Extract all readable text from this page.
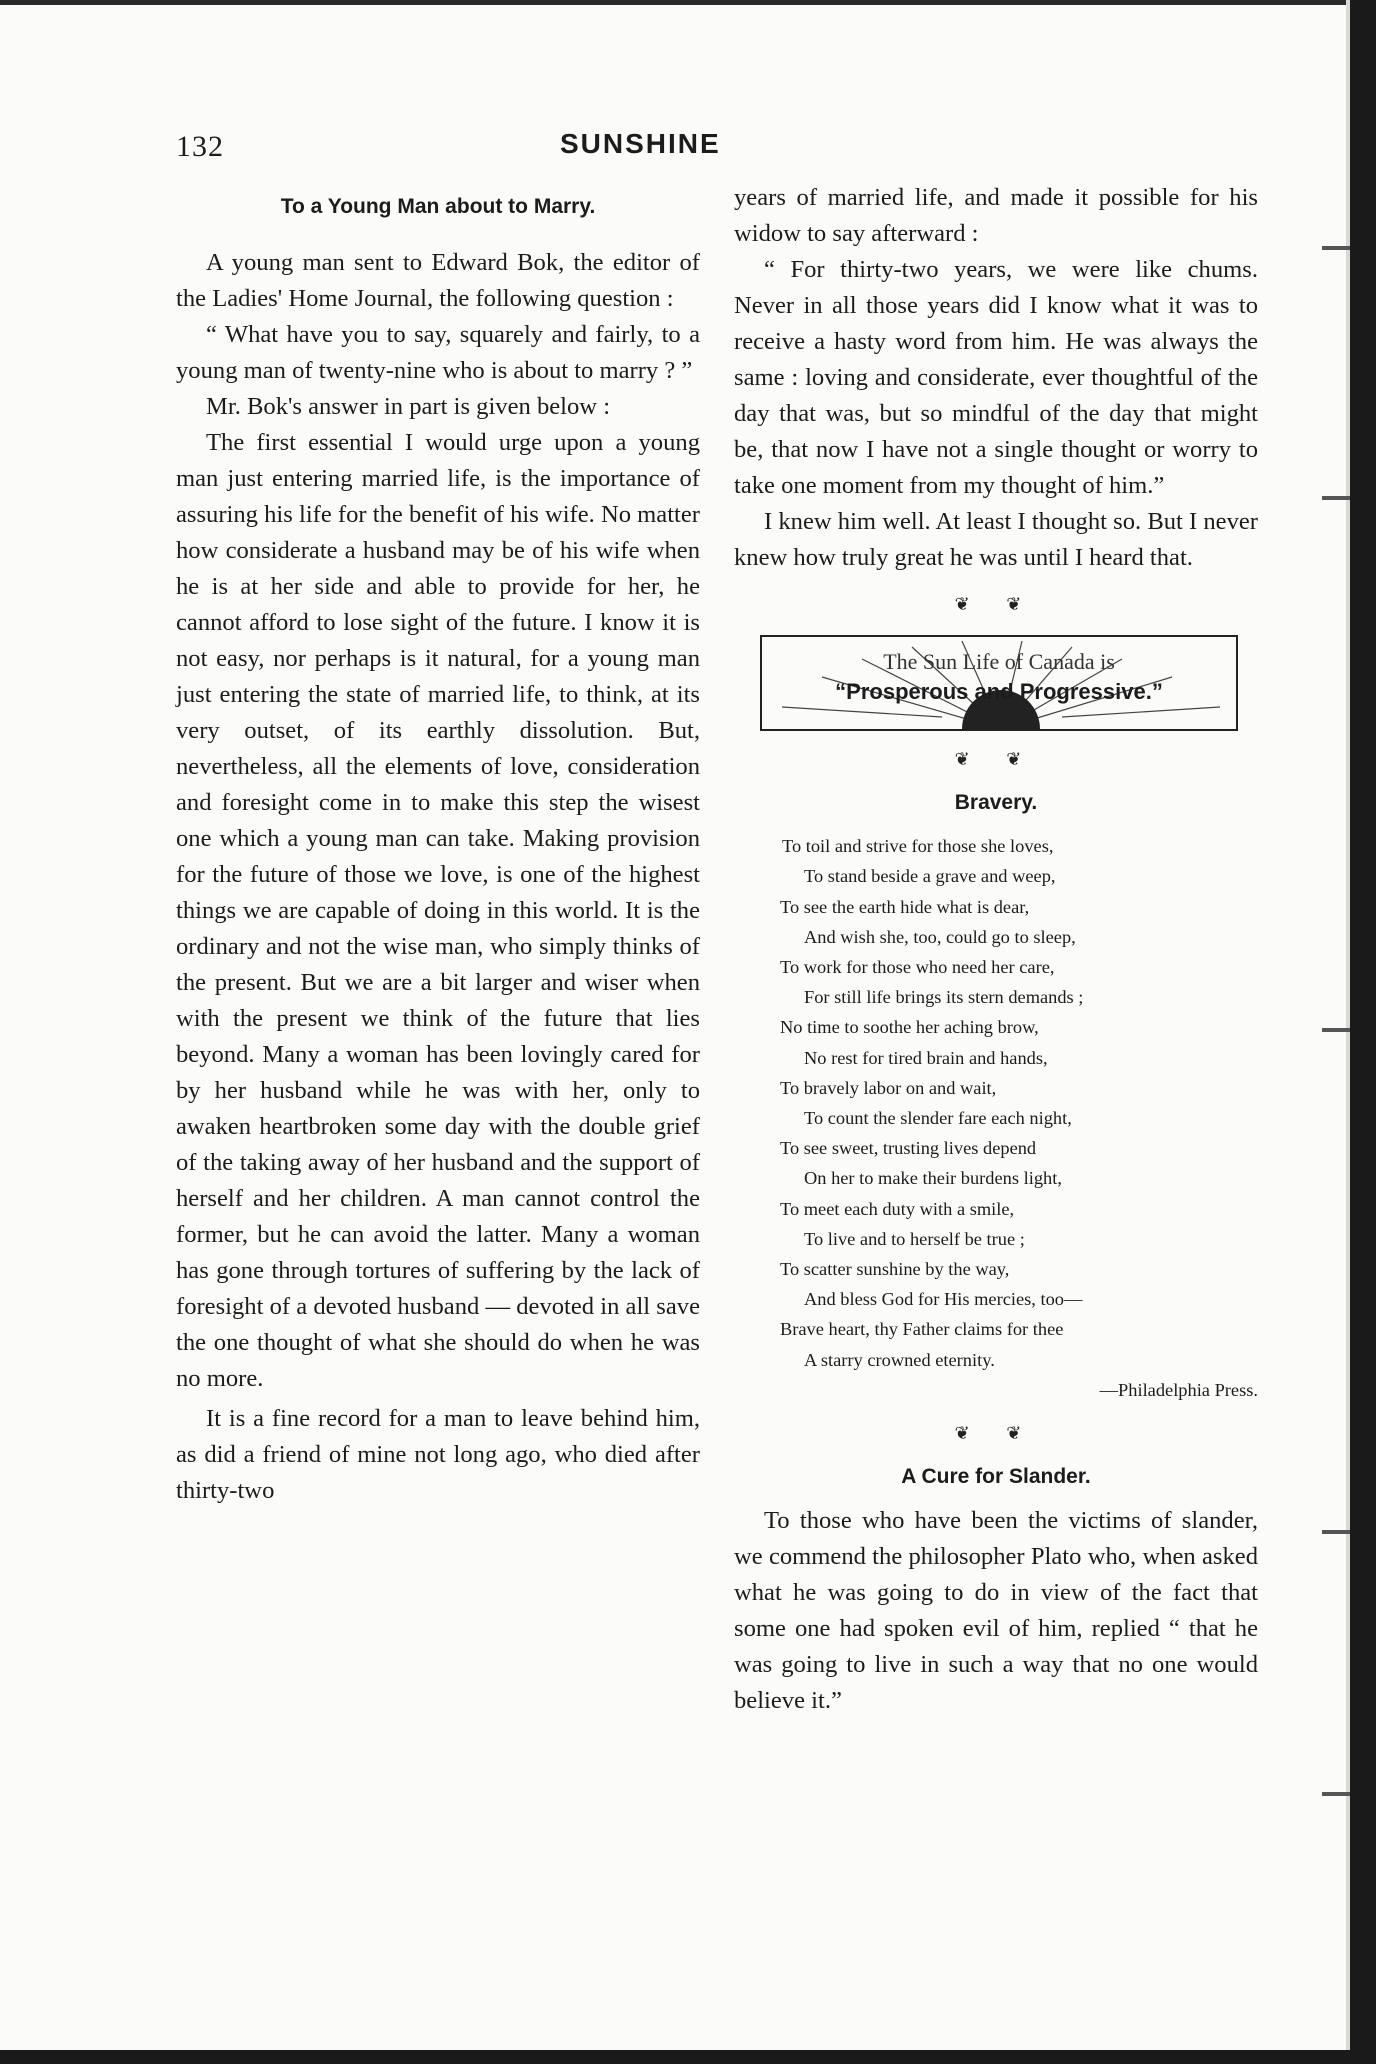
132	SUNSHINE
To a Young Man about to Marry.

A young man sent to Edward Bok, the editor of the Ladies' Home Journal, the following question :

“ What have you to say, squarely and fairly, to a young man of twenty-nine who is about to marry ? ”

Mr. Bok's answer in part is given below :

The first essential I would urge upon a young man just entering married life, is the importance of assuring his life for the benefit of his wife. No matter how considerate a husband may be of his wife when he is at her side and able to provide for her, he cannot afford to lose sight of the future. I know it is not easy, nor perhaps is it natural, for a young man just entering the state of married life, to think, at its very outset, of its earthly dissolution. But, nevertheless, all the elements of love, consideration and foresight come in to make this step the wisest one which a young man can take. Making provision for the future of those we love, is one of the highest things we are capable of doing in this world. It is the ordinary and not the wise man, who simply thinks of the present. But we are a bit larger and wiser when with the present we think of the future that lies beyond. Many a woman has been lovingly cared for by her husband while he was with her, only to awaken heartbroken some day with the double grief of the taking away of her husband and the support of herself and her children. A man cannot control the former, but he can avoid the latter. Many a woman has gone through tortures of suffering by the lack of foresight of a devoted husband — devoted in all save the one thought of what she should do when he was no more.

It is a fine record for a man to leave behind him, as did a friend of mine not long ago, who died after thirty-two

years of married life, and made it possible for his widow to say afterward :

“ For thirty-two years, we were like chums. Never in all those years did I know what it was to receive a hasty word from him. He was always the same : loving and considerate, ever thoughtful of the day that was, but so mindful of the day that might be, that now I have not a single thought or worry to take one moment from my thought of him.”

I knew him well. At least I thought so. But I never knew how truly great he was until I heard that.

❦ ❦
The Sun Life of Canada is
“Prosperous and Progressive.”
❦ ❦
Bravery.

To toil and strive for those she loves,

To stand beside a grave and weep,

To see the earth hide what is dear,

And wish she, too, could go to sleep,

To work for those who need her care,

For still life brings its stern demands ;

No time to soothe her aching brow,

No rest for tired brain and hands,

To bravely labor on and wait,

To count the slender fare each night,

To see sweet, trusting lives depend

On her to make their burdens light,

To meet each duty with a smile,

To live and to herself be true ;

To scatter sunshine by the way,

And bless God for His mercies, too—

Brave heart, thy Father claims for thee

A starry crowned eternity.

—Philadelphia Press.

❦ ❦
A Cure for Slander.

To those who have been the victims of slander, we commend the philosopher Plato who, when asked what he was going to do in view of the fact that some one had spoken evil of him, replied “ that he was going to live in such a way that no one would believe it.”
